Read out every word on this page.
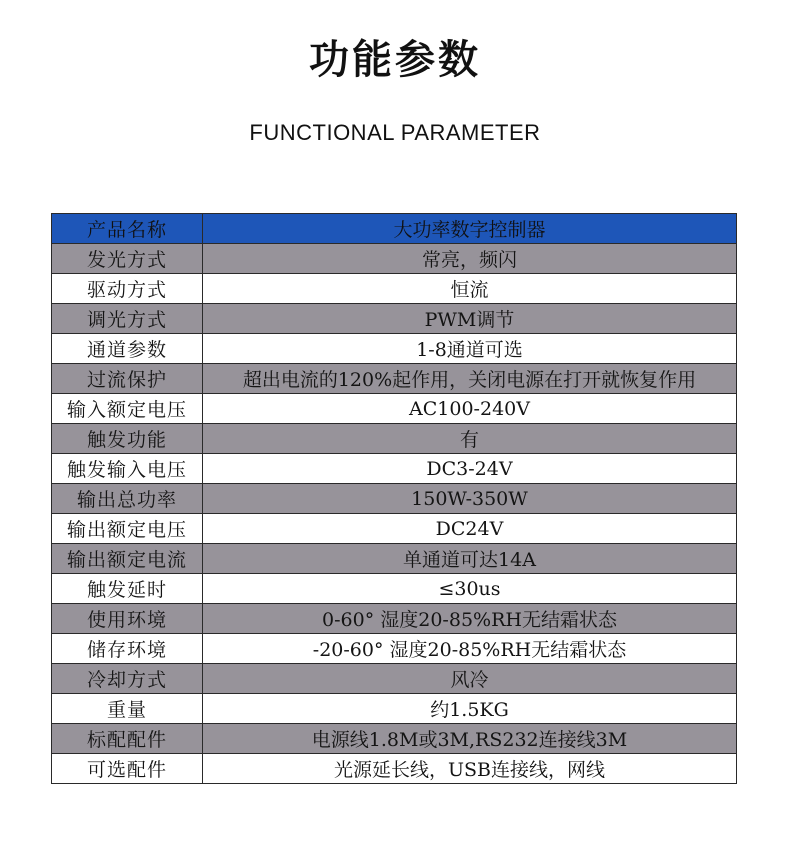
功能参数
FUNCTIONAL PARAMETER
产品名称	大功率数字控制器
发光方式	常亮，频闪
驱动方式	恒流
调光方式	PWM调节
通道参数	1-8通道可选
过流保护	超出电流的120%起作用，关闭电源在打开就恢复作用
输入额定电压	AC100-240V
触发功能	有
触发输入电压	DC3-24V
输出总功率	150W-350W
输出额定电压	DC24V
输出额定电流	单通道可达14A
触发延时	≤30us
使用环境	0-60° 湿度20-85%RH无结霜状态
储存环境	-20-60° 湿度20-85%RH无结霜状态
冷却方式	风冷
重量	约1.5KG
标配配件	电源线1.8M或3M,RS232连接线3M
可选配件	光源延长线，USB连接线，网线
